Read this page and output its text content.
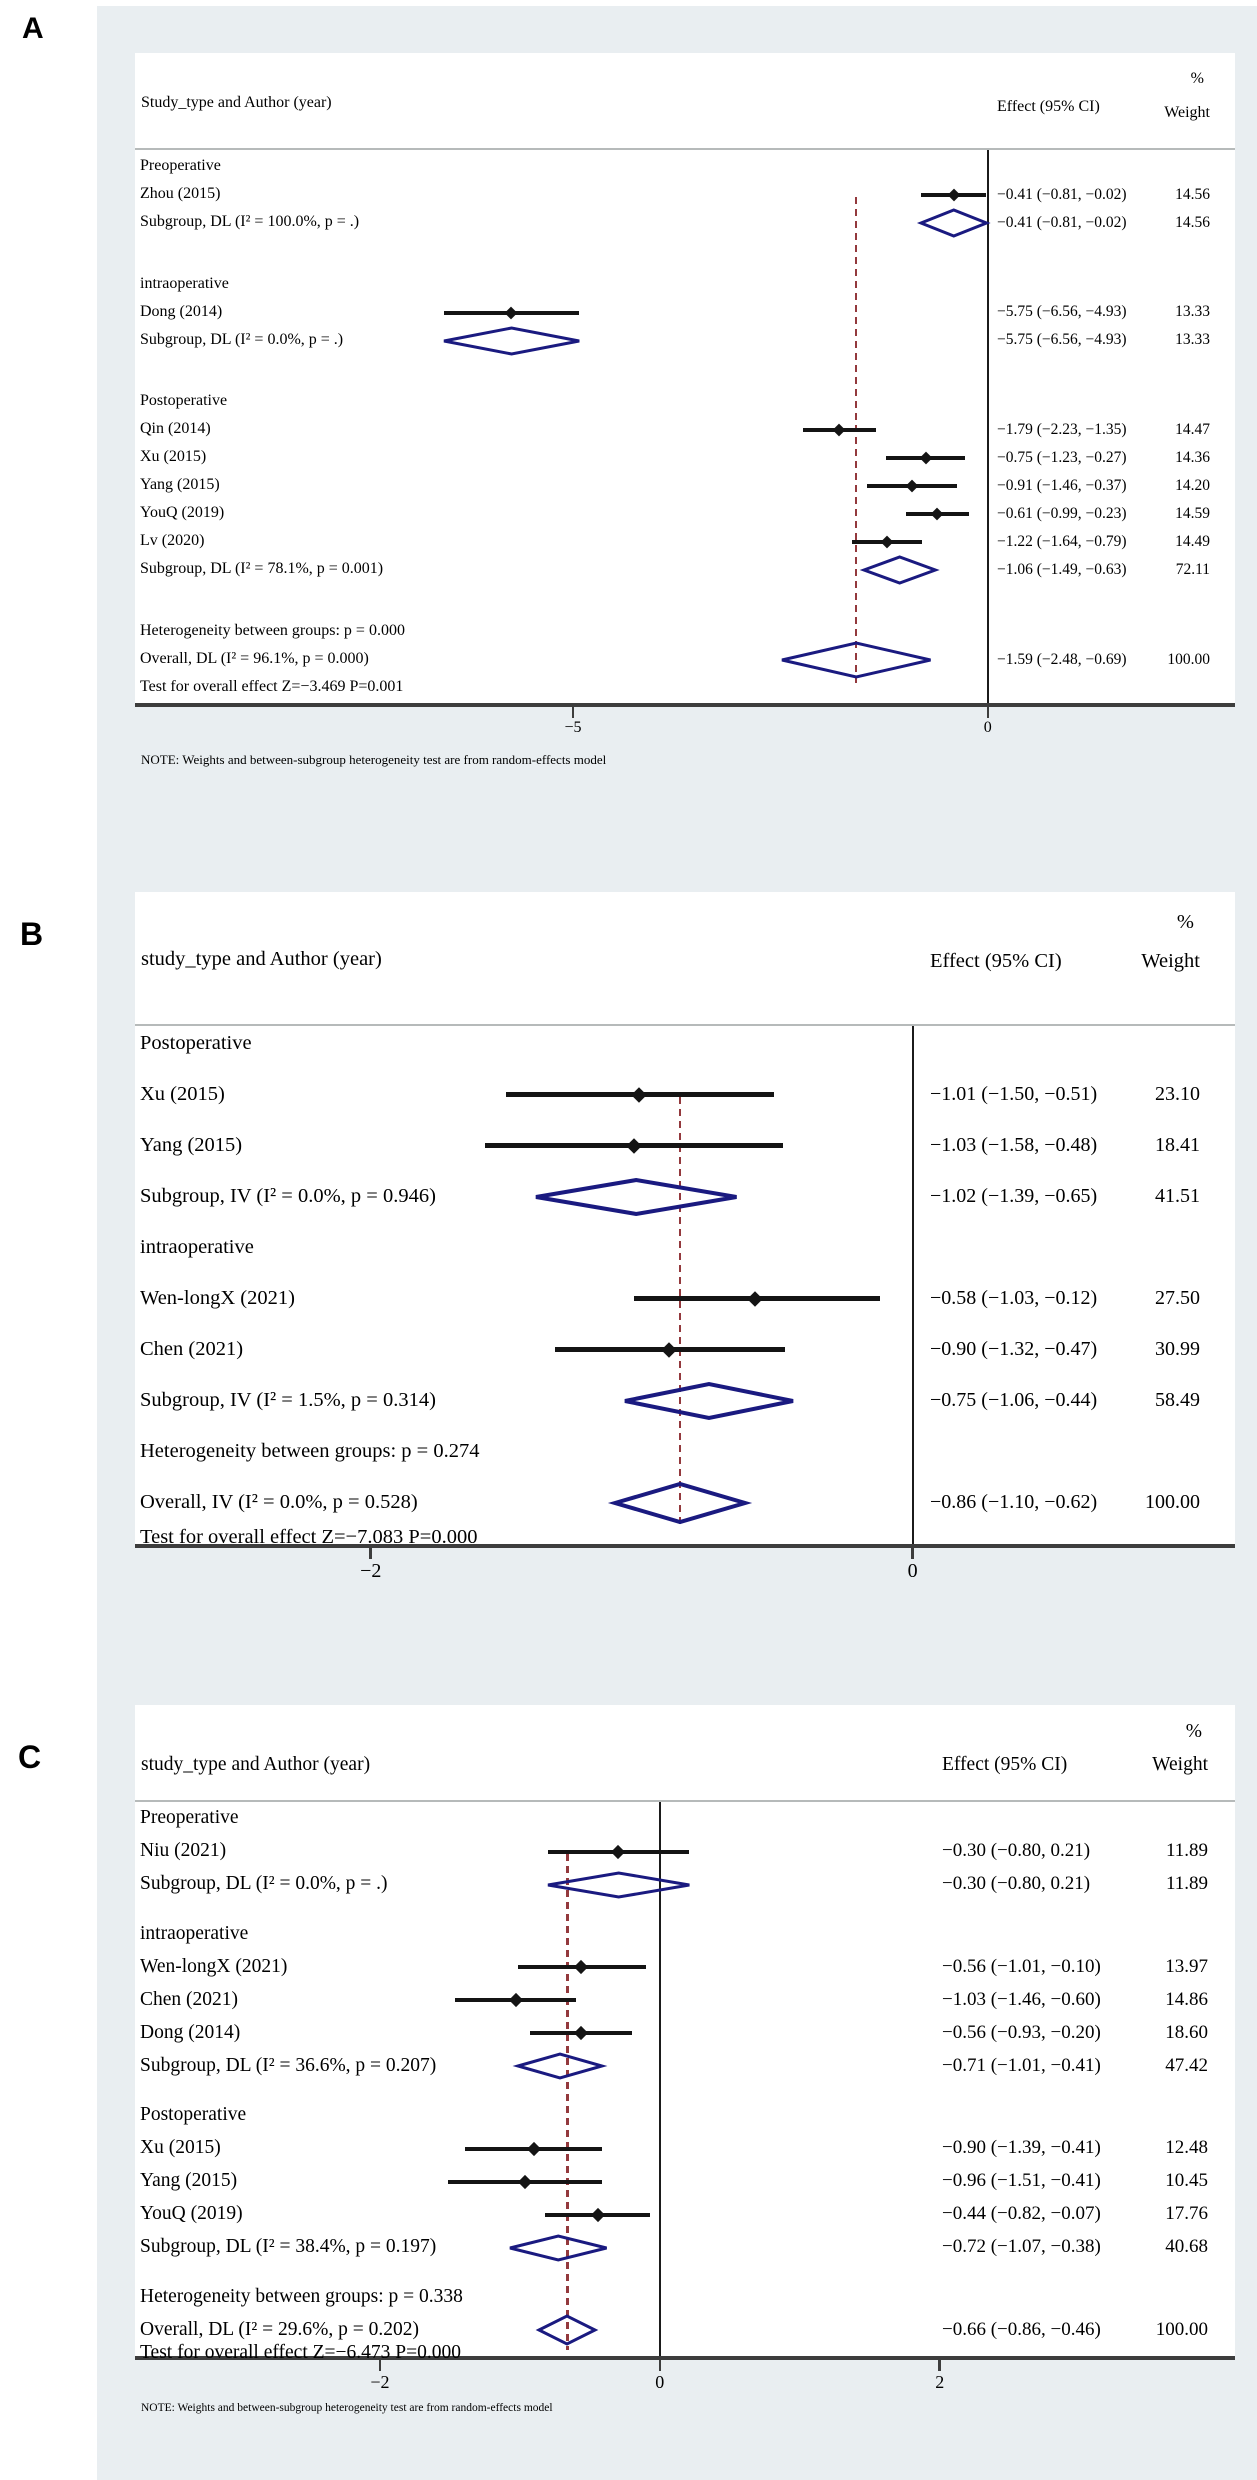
A
B
C
Study_type and Author (year)	Effect (95% CI)
%
Weight
Preoperative
Zhou (2015)	−0.41 (−0.81, −0.02)	14.56
Subgroup, DL (I² = 100.0%, p = .)	−0.41 (−0.81, −0.02)	14.56
intraoperative
Dong (2014)	−5.75 (−6.56, −4.93)	13.33
Subgroup, DL (I² = 0.0%, p = .)	−5.75 (−6.56, −4.93)	13.33
Postoperative
Qin (2014)	−1.79 (−2.23, −1.35)	14.47
Xu (2015)	−0.75 (−1.23, −0.27)	14.36
Yang (2015)	−0.91 (−1.46, −0.37)	14.20
YouQ (2019)	−0.61 (−0.99, −0.23)	14.59
Lv (2020)	−1.22 (−1.64, −0.79)	14.49
Subgroup, DL (I² = 78.1%, p = 0.001)	−1.06 (−1.49, −0.63)	72.11
Heterogeneity between groups: p = 0.000
Overall, DL (I² = 96.1%, p = 0.000)	−1.59 (−2.48, −0.69)	100.00
Test for overall effect Z=−3.469 P=0.001
−5	0
study_type and Author (year)	Effect (95% CI)
%
Weight
Postoperative
Xu (2015)	−1.01 (−1.50, −0.51)	23.10
Yang (2015)	−1.03 (−1.58, −0.48)	18.41
Subgroup, IV (I² = 0.0%, p = 0.946)	−1.02 (−1.39, −0.65)	41.51
intraoperative
Wen-longX (2021)	−0.58 (−1.03, −0.12)	27.50
Chen (2021)	−0.90 (−1.32, −0.47)	30.99
Subgroup, IV (I² = 1.5%, p = 0.314)	−0.75 (−1.06, −0.44)	58.49
Heterogeneity between groups: p = 0.274
Overall, IV (I² = 0.0%, p = 0.528)	−0.86 (−1.10, −0.62)	100.00
Test for overall effect Z=−7.083 P=0.000
−2	0
study_type and Author (year)	Effect (95% CI)
%
Weight
Preoperative
Niu (2021)	−0.30 (−0.80, 0.21)	11.89
Subgroup, DL (I² = 0.0%, p = .)	−0.30 (−0.80, 0.21)	11.89
intraoperative
Wen-longX (2021)	−0.56 (−1.01, −0.10)	13.97
Chen (2021)	−1.03 (−1.46, −0.60)	14.86
Dong (2014)	−0.56 (−0.93, −0.20)	18.60
Subgroup, DL (I² = 36.6%, p = 0.207)	−0.71 (−1.01, −0.41)	47.42
Postoperative
Xu (2015)	−0.90 (−1.39, −0.41)	12.48
Yang (2015)	−0.96 (−1.51, −0.41)	10.45
YouQ (2019)	−0.44 (−0.82, −0.07)	17.76
Subgroup, DL (I² = 38.4%, p = 0.197)	−0.72 (−1.07, −0.38)	40.68
Heterogeneity between groups: p = 0.338
Overall, DL (I² = 29.6%, p = 0.202)	−0.66 (−0.86, −0.46)	100.00
Test for overall effect Z=−6.473 P=0.000
−2	0	2
NOTE: Weights and between-subgroup heterogeneity test are from random-effects model
NOTE: Weights and between-subgroup heterogeneity test are from random-effects model
